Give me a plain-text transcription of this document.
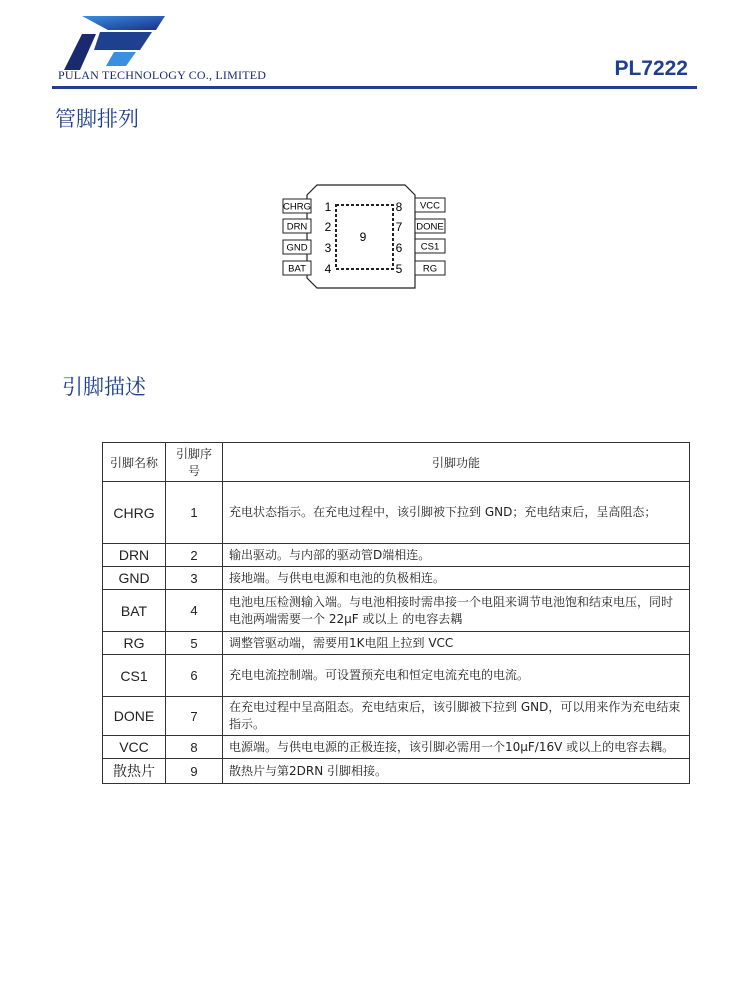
PULAN TECHNOLOGY CO., LIMITED	PL7222
管脚排列
9
CHRG 1
DRN 2
GND 3
BAT 4
8 VCC
7 DONE
6 CS1
5 RG
引脚描述
引脚名称	引脚序号	引脚功能
CHRG	1	充电状态指示。在充电过程中，该引脚被下拉到 GND；充电结束后，呈高阻态；
DRN	2	输出驱动。与内部的驱动管D端相连。
GND	3	接地端。与供电电源和电池的负极相连。
BAT	4	电池电压检测输入端。与电池相接时需串接一个电阻来调节电池饱和结束电压，同时电池两端需要一个 22μF 或以上 的电容去耦
RG	5	调整管驱动端，需要用1K电阻上拉到 VCC
CS1	6	充电电流控制端。可设置预充电和恒定电流充电的电流。
DONE	7	在充电过程中呈高阻态。充电结束后，该引脚被下拉到 GND，可以用来作为充电结束指示。
VCC	8	电源端。与供电电源的正极连接，该引脚必需用一个10μF/16V 或以上的电容去耦。
散热片	9	散热片与第2DRN 引脚相接。
